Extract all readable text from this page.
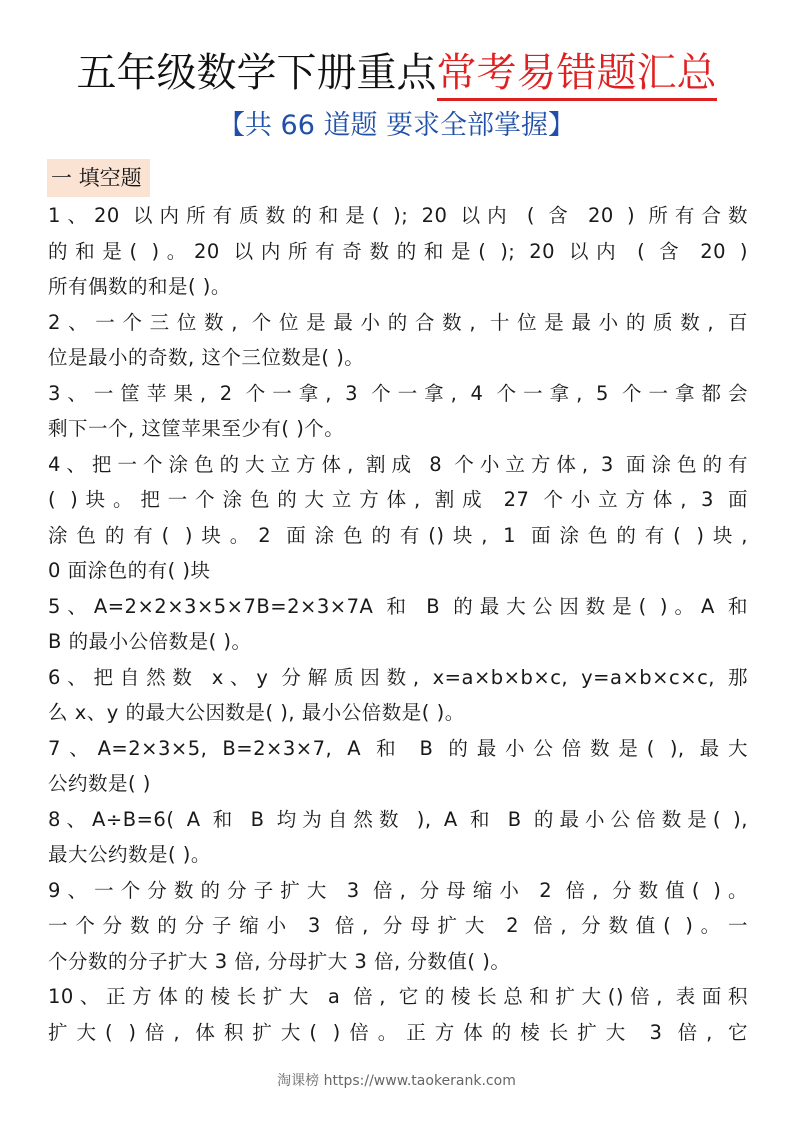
五年级数学下册重点常考易错题汇总
【共 66 道题 要求全部掌握】
一 填空题
1、20 以内所有质数的和是( ); 20 以内 ( 含 20 ) 所有合数
的和是( )。20 以内所有奇数的和是( ); 20 以内 ( 含 20 )
所有偶数的和是( )。
2、一个三位数, 个位是最小的合数, 十位是最小的质数, 百
位是最小的奇数, 这个三位数是( )。
3、一筐苹果, 2 个一拿, 3 个一拿, 4 个一拿, 5 个一拿都会
剩下一个, 这筐苹果至少有( )个。
4、把一个涂色的大立方体, 割成 8 个小立方体, 3 面涂色的有
( )块。把一个涂色的大立方体, 割成 27 个小立方体, 3 面
涂色的有( )块。2 面涂色的有()块, 1 面涂色的有( )块,
0 面涂色的有( )块
5、A=2×2×3×5×7B=2×3×7A 和 B 的最大公因数是( )。A 和
B 的最小公倍数是( )。
6、把自然数 x、y 分解质因数, x=a×b×b×c, y=a×b×c×c, 那
么 x、y 的最大公因数是( ), 最小公倍数是( )。
7、A=2×3×5, B=2×3×7, A 和 B 的最小公倍数是( ), 最大
公约数是( )
8、A÷B=6( A 和 B 均为自然数 ), A 和 B 的最小公倍数是( ),
最大公约数是( )。
9、一个分数的分子扩大 3 倍, 分母缩小 2 倍, 分数值( )。
一个分数的分子缩小 3 倍, 分母扩大 2 倍, 分数值( )。一
个分数的分子扩大 3 倍, 分母扩大 3 倍, 分数值( )。
10、正方体的棱长扩大 a 倍, 它的棱长总和扩大()倍, 表面积
扩大( )倍, 体积扩大( )倍。正方体的棱长扩大 3 倍, 它
淘课榜 https://www.taokerank.com
